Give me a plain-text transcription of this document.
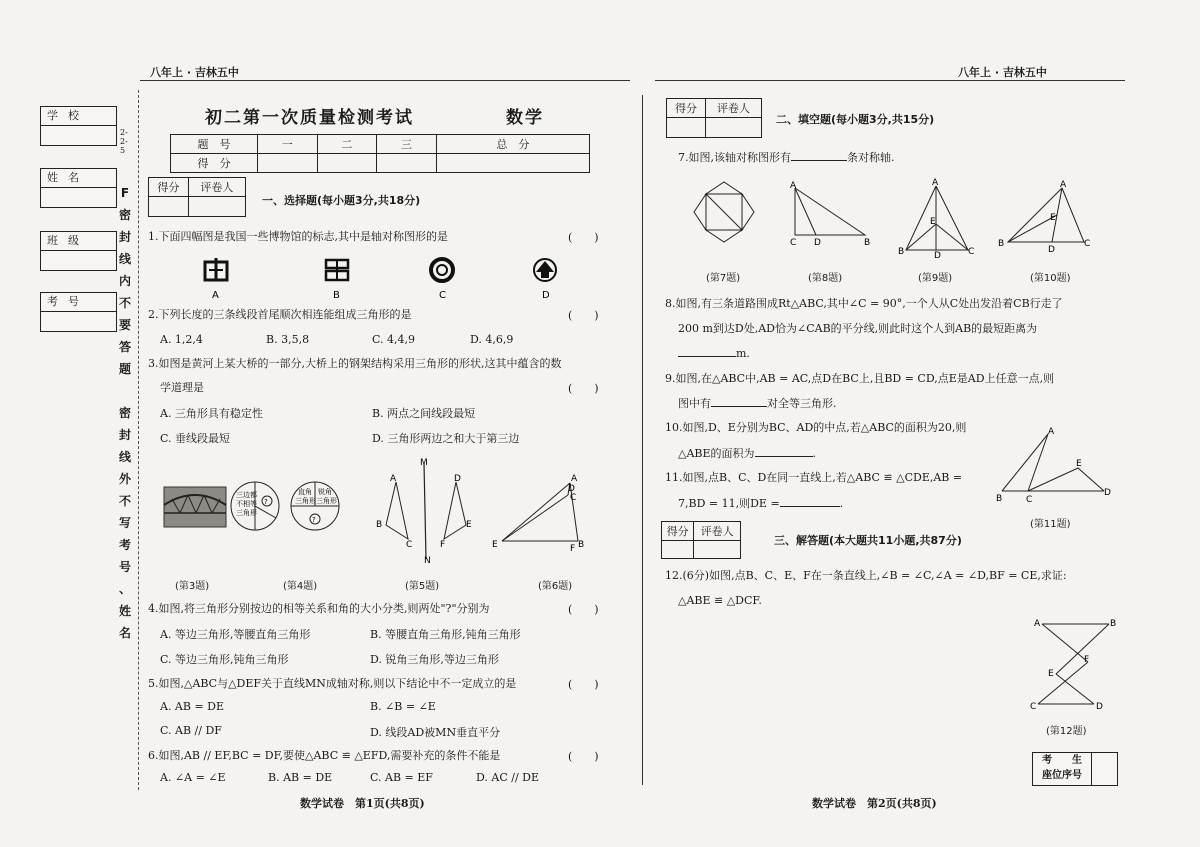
八年上 · 吉林五中	八年上 · 吉林五中
学校
姓名
班级
考号
2-2-5
F
密
封
线
内
不
要
答
题
密
封
线
外
不
写
考
号
、
姓
名
初二第一次质量检测考试	数学
题　号	一	二	三	总　分
得　分				
得分	评卷人

一、选择题(每小题3分,共18分)
1.下面四幅图是我国一些博物馆的标志,其中是轴对称图形的是	(　　)
A	B	C	D
2.下列长度的三条线段首尾顺次相连能组成三角形的是	(　　)
A. 1,2,4	B. 3,5,8	C. 4,4,9	D. 4,6,9
3.如图是黄河上某大桥的一部分,大桥上的钢架结构采用三角形的形状,这其中蕴含的数
学道理是	(　　)
A. 三角形具有稳定性	B. 两点之间线段最短
C. 垂线段最短	D. 三角形两边之和大于第三边
三边都
不相等
三角形
?
直角
三角形
锐角
三角形
?
M
N
A
B
C
D
E
F
A
B
C
D
E	F
(第3题)	(第4题)	(第5题)	(第6题)
4.如图,将三角形分别按边的相等关系和角的大小分类,则两处"?"分别为	(　　)
A. 等边三角形,等腰直角三角形	B. 等腰直角三角形,钝角三角形
C. 等边三角形,钝角三角形	D. 锐角三角形,等边三角形
5.如图,△ABC与△DEF关于直线MN成轴对称,则以下结论中不一定成立的是	(　　)
A. AB = DE	B. ∠B = ∠E
C. AB // DF	D. 线段AD被MN垂直平分
6.如图,AB // EF,BC = DF,要使△ABC ≌ △EFD,需要补充的条件不能是	(　　)
A. ∠A = ∠E	B. AB = DE	C. AB = EF	D. AC // DE
数学试卷　第1页(共8页)
得分	评卷人

二、填空题(每小题3分,共15分)
7.如图,该轴对称图形有	条对称轴.
A
C D	B
A
E
B	D	C
A
E
B
D
C
(第7题)	(第8题)	(第9题)	(第10题)
8.如图,有三条道路围成Rt△ABC,其中∠C = 90°,一个人从C处出发沿着CB行走了
200 m到达D处,AD恰为∠CAB的平分线,则此时这个人到AB的最短距离为
m.
9.如图,在△ABC中,AB = AC,点D在BC上,且BD = CD,点E是AD上任意一点,则
图中有	对全等三角形.
10.如图,D、E分别为BC、AD的中点,若△ABC的面积为20,则
△ABE的面积为	.
11.如图,点B、C、D在同一直线上,若△ABC ≌ △CDE,AB =
7,BD = 11,则DE =	.
A
E
B	C
D
(第11题)
得分	评卷人

三、解答题(本大题共11小题,共87分)
12.(6分)如图,点B、C、E、F在一条直线上,∠B = ∠C,∠A = ∠D,BF = CE,求证:
△ABE ≌ △DCF.
A	B
E
F
C	D
(第12题)
考　　生
座位序号
数学试卷　第2页(共8页)
